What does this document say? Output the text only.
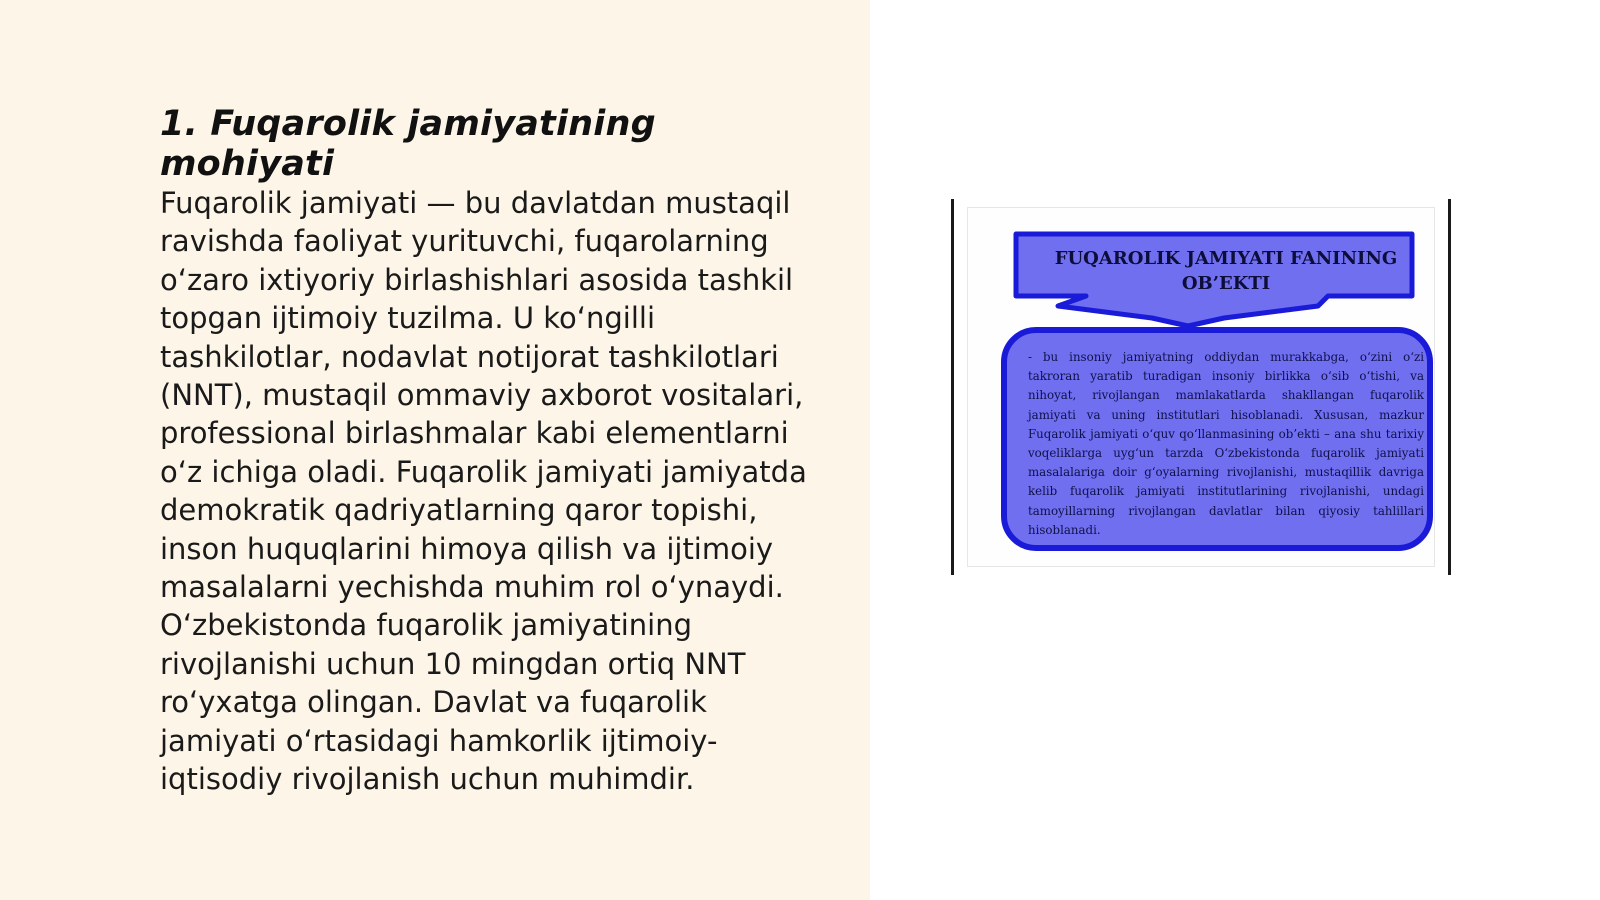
1. Fuqarolik jamiyatining mohiyati

Fuqarolik jamiyati — bu davlatdan mustaqil ravishda faoliyat yurituvchi, fuqarolarning o‘zaro ixtiyoriy birlashishlari asosida tashkil topgan ijtimoiy tuzilma. U ko‘ngilli tashkilotlar, nodavlat notijorat tashkilotlari (NNT), mustaqil ommaviy axborot vositalari, professional birlashmalar kabi elementlarni o‘z ichiga oladi. Fuqarolik jamiyati jamiyatda demokratik qadriyatlarning qaror topishi, inson huquqlarini himoya qilish va ijtimoiy masalalarni yechishda muhim rol o‘ynaydi. O‘zbekistonda fuqarolik jamiyatining rivojlanishi uchun 10 mingdan ortiq NNT ro‘yxatga olingan. Davlat va fuqarolik jamiyati o‘rtasidagi hamkorlik ijtimoiy-iqtisodiy rivojlanish uchun muhimdir.

FUQAROLIK JAMIYATI FANINING OB’EKTI
- bu insoniy jamiyatning oddiydan murakkabga, o‘zini o‘zi takroran yaratib turadigan insoniy birlikka o‘sib o‘tishi, va nihoyat, rivojlangan mamlakatlarda shakllangan fuqarolik jamiyati va uning institutlari hisoblanadi. Xususan, mazkur Fuqarolik jamiyati o‘quv qo‘llanmasining ob’ekti – ana shu tarixiy voqeliklarga uyg‘un tarzda O‘zbekistonda fuqarolik jamiyati masalalariga doir g‘oyalarning rivojlanishi, mustaqillik davriga kelib fuqarolik jamiyati institutlarining rivojlanishi, undagi tamoyillarning rivojlangan davlatlar bilan qiyosiy tahlillari hisoblanadi.
